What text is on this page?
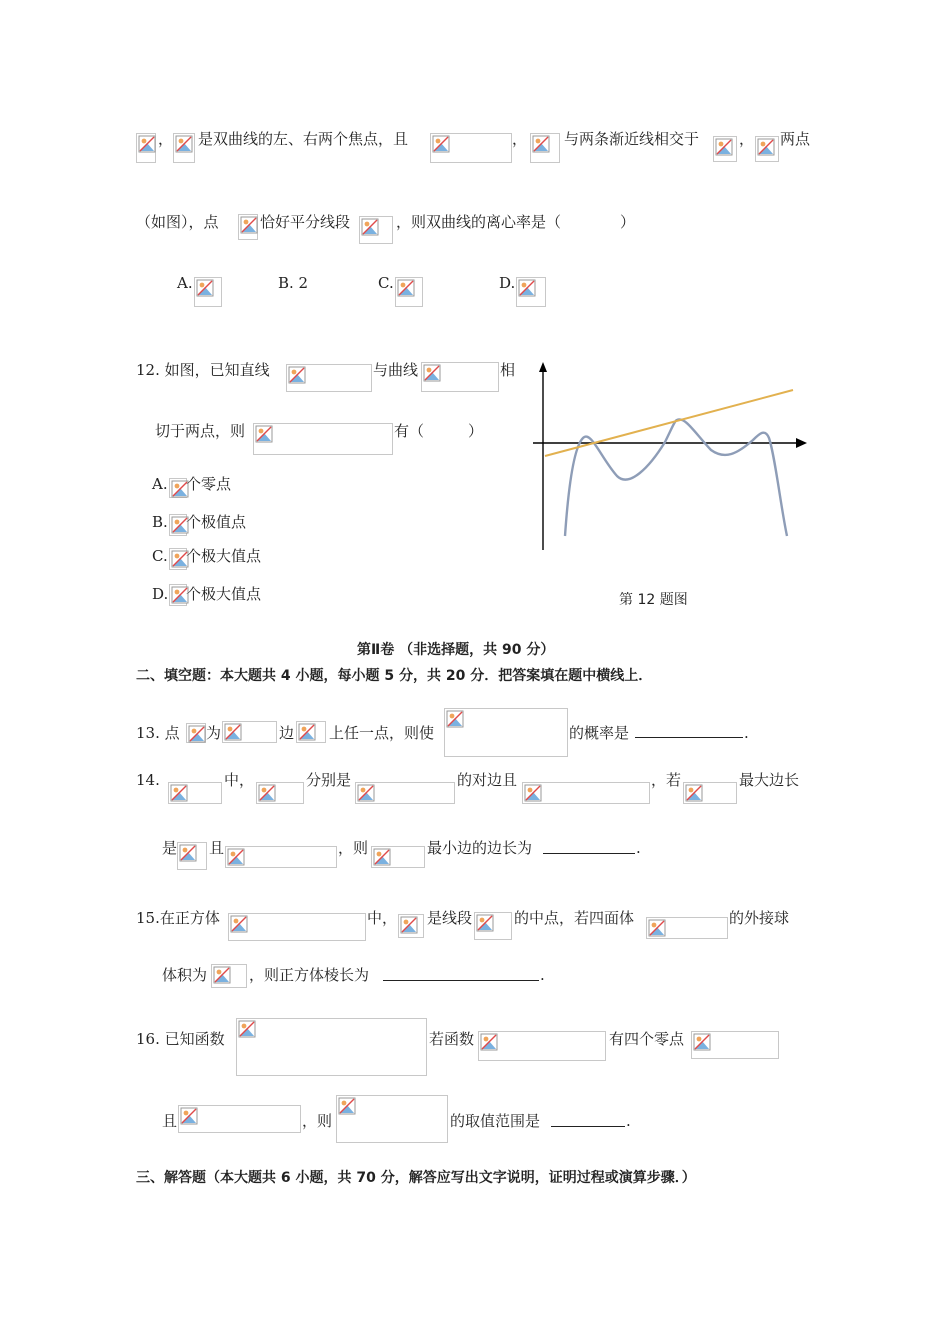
， 是双曲线的左、右两个焦点，且	， 与两条渐近线相交于	， 两点
（如图），点	恰好平分线段	，则双曲线的离心率是（	）
A.	B. 2	C.	D.
12. 如图，已知直线	与曲线	相
切于两点，则	有（	）
A. 个零点
B. 个极值点
C. 个极大值点
D. 个极大值点	第 12 题图
第Ⅱ卷 （非选择题，共 90 分）
二、填空题：本大题共 4 小题，每小题 5 分，共 20 分．把答案填在题中横线上．
13. 点 为	边 上任一点，则使	的概率是	.
14.	中，	分别是	的对边且	，若	最大边长
是 且	，则	最小边的边长为	.
15.在正方体	中， 是线段	的中点，若四面体	的外接球
体积为	，则正方体棱长为	.
16. 已知函数	若函数	有四个零点
且	，则	的取值范围是	.
三、解答题（本大题共 6 小题，共 70 分，解答应写出文字说明，证明过程或演算步骤．）
